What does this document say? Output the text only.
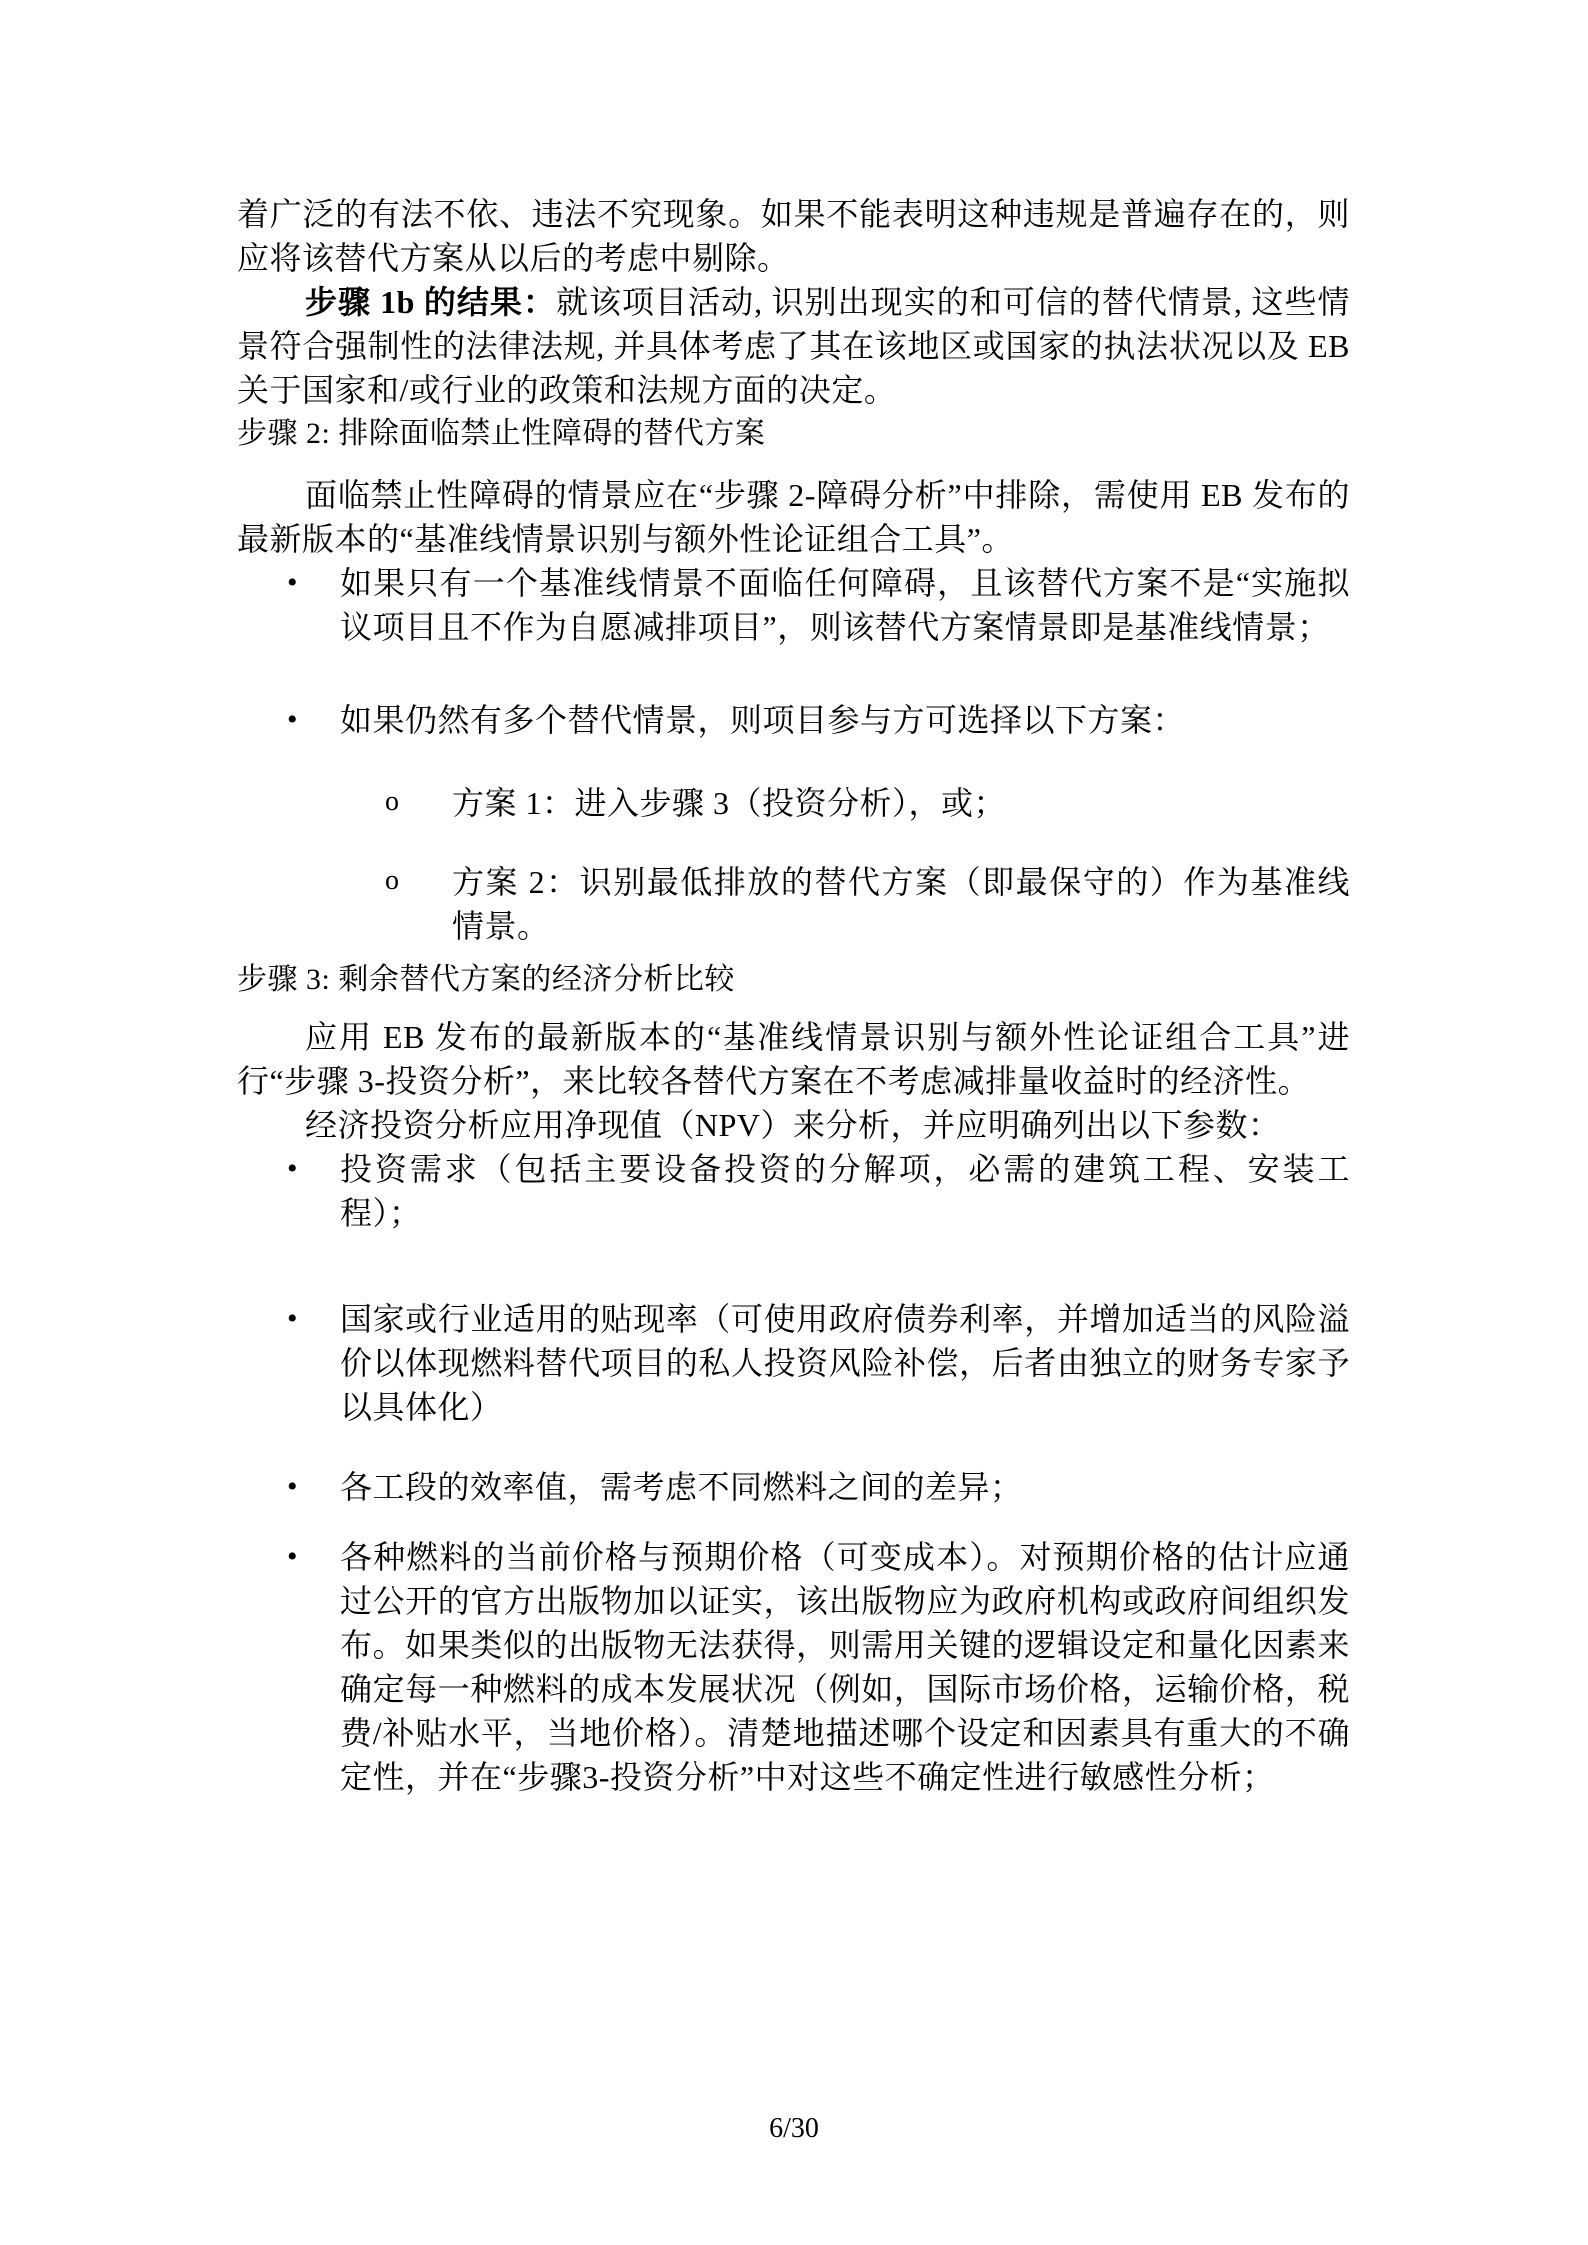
着广泛的有法不依、违法不究现象。如果不能表明这种违规是普遍存在的，则应将该替代方案从以后的考虑中剔除。

步骤 1b 的结果：就该项目活动, 识别出现实的和可信的替代情景, 这些情景符合强制性的法律法规, 并具体考虑了其在该地区或国家的执法状况以及 EB 关于国家和/或行业的政策和法规方面的决定。

步骤 2: 排除面临禁止性障碍的替代方案

面临禁止性障碍的情景应在“步骤 2-障碍分析”中排除，需使用 EB 发布的最新版本的“基准线情景识别与额外性论证组合工具”。

• 如果只有一个基准线情景不面临任何障碍，且该替代方案不是“实施拟议项目且不作为自愿减排项目”，则该替代方案情景即是基准线情景；
• 如果仍然有多个替代情景，则项目参与方可选择以下方案：
o 方案 1：进入步骤 3（投资分析），或；
o 方案 2：识别最低排放的替代方案（即最保守的）作为基准线情景。
步骤 3: 剩余替代方案的经济分析比较

应用 EB 发布的最新版本的“基准线情景识别与额外性论证组合工具”进行“步骤 3-投资分析”，来比较各替代方案在不考虑减排量收益时的经济性。

经济投资分析应用净现值（NPV）来分析，并应明确列出以下参数：

• 投资需求（包括主要设备投资的分解项，必需的建筑工程、安装工程）；
• 国家或行业适用的贴现率（可使用政府债券利率，并增加适当的风险溢价以体现燃料替代项目的私人投资风险补偿，后者由独立的财务专家予以具体化）
• 各工段的效率值，需考虑不同燃料之间的差异；
• 各种燃料的当前价格与预期价格（可变成本）。对预期价格的估计应通过公开的官方出版物加以证实，该出版物应为政府机构或政府间组织发布。如果类似的出版物无法获得，则需用关键的逻辑设定和量化因素来确定每一种燃料的成本发展状况（例如，国际市场价格，运输价格，税费/补贴水平，当地价格）。清楚地描述哪个设定和因素具有重大的不确定性，并在“步骤3-投资分析”中对这些不确定性进行敏感性分析；
6/30
